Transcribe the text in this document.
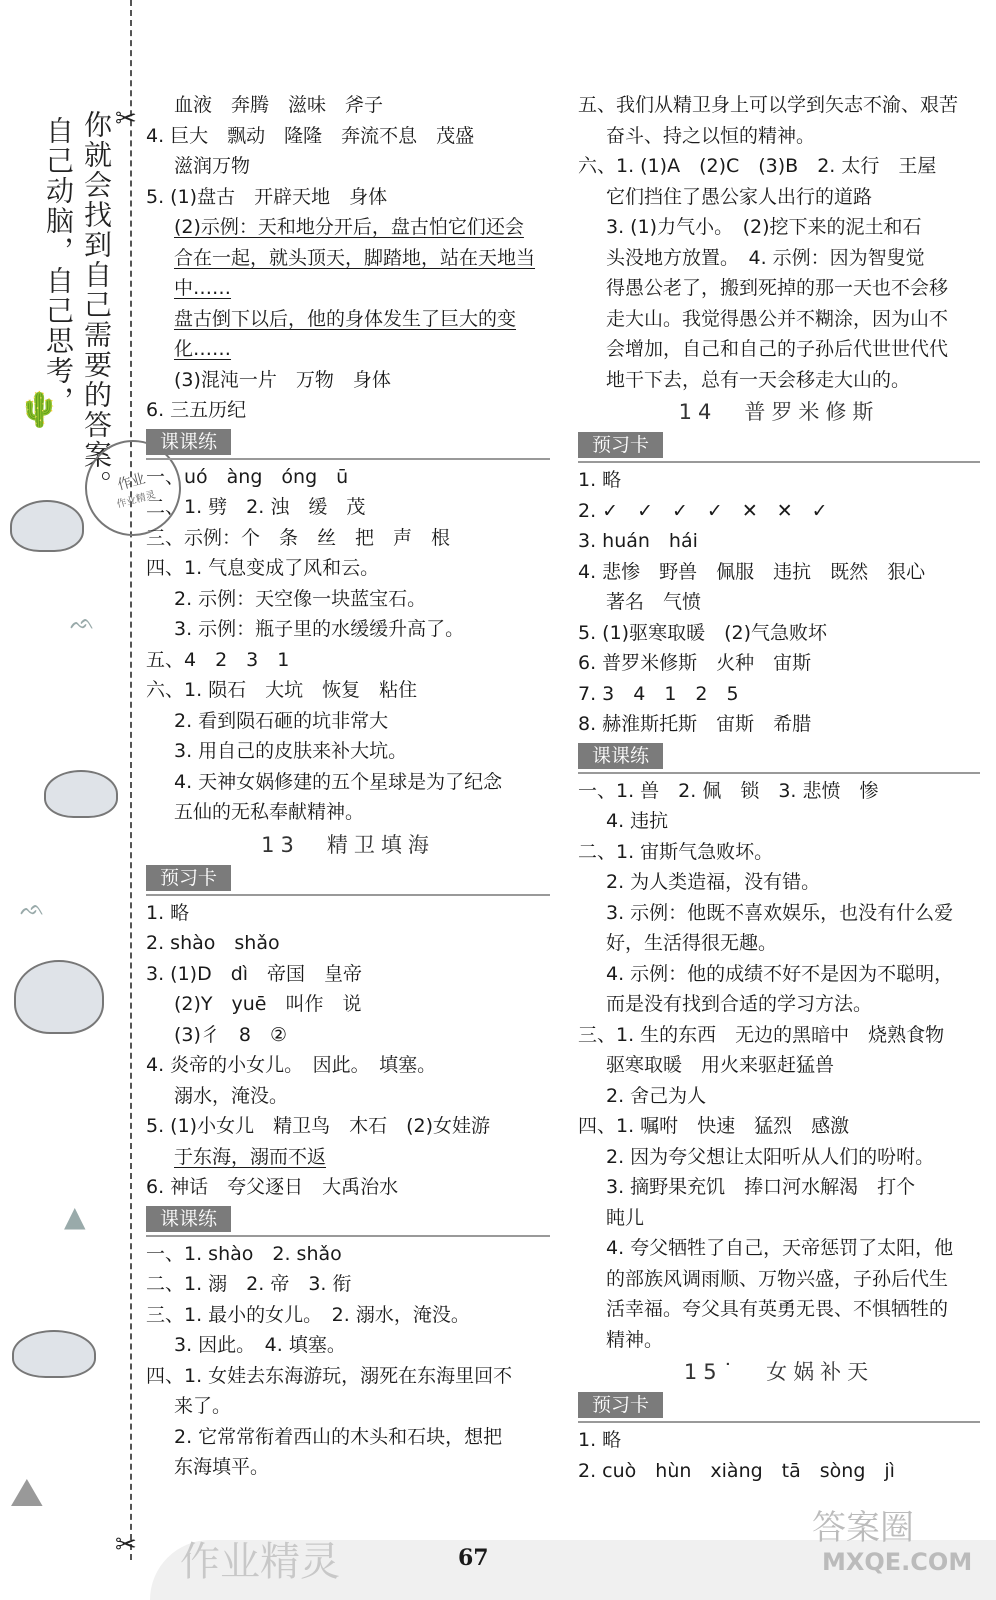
✂
✂
你就会找到自己需要的答案。
自己动脑，自己思考，
🌵
ᨒ
ᨒ
▲
⛰
作业
作业精灵
血液　奔腾　滋味　斧子
4. 巨大　飘动　隆隆　奔流不息　茂盛
滋润万物
5. (1)盘古　开辟天地　身体
(2)示例：天和地分开后，盘古怕它们还会
合在一起，就头顶天，脚踏地，站在天地当
中……
盘古倒下以后，他的身体发生了巨大的变
化……
(3)混沌一片　万物　身体
6. 三五历纪
课课练
一、uó　àng　óng　ū
二、1. 劈　2. 浊　缓　茂
三、示例：个　条　丝　把　声　根
四、1. 气息变成了风和云。
2. 示例：天空像一块蓝宝石。
3. 示例：瓶子里的水缓缓升高了。
五、4　2　3　1
六、1. 陨石　大坑　恢复　粘住
2. 看到陨石砸的坑非常大
3. 用自己的皮肤来补大坑。
4. 天神女娲修建的五个星球是为了纪念
五仙的无私奉献精神。
13　精卫填海
预习卡
1. 略
2. shào　shǎo
3. (1)D　dì　帝国　皇帝
(2)Y　yuē　叫作　说
(3)彳　8　②
4. 炎帝的小女儿。　因此。　填塞。
溺水，淹没。
5. (1)小女儿　精卫鸟　木石　(2)女娃游
于东海，溺而不返
6. 神话　夸父逐日　大禹治水
课课练
一、1. shào　2. shǎo
二、1. 溺　2. 帝　3. 衔
三、1. 最小的女儿。　2. 溺水，淹没。
3. 因此。　4. 填塞。
四、1. 女娃去东海游玩，溺死在东海里回不
来了。
2. 它常常衔着西山的木头和石块，想把
东海填平。
五、我们从精卫身上可以学到矢志不渝、艰苦
奋斗、持之以恒的精神。
六、1. (1)A　(2)C　(3)B　2. 太行　王屋
它们挡住了愚公家人出行的道路
3. (1)力气小。　(2)挖下来的泥土和石
头没地方放置。　4. 示例：因为智叟觉
得愚公老了，搬到死掉的那一天也不会移
走大山。我觉得愚公并不糊涂，因为山不
会增加，自己和自己的子孙后代世世代代
地干下去，总有一天会移走大山的。
14　普罗米修斯
预习卡
1. 略
2. ✓　✓　✓　✓　✕　✕　✓
3. huán　hái
4. 悲惨　野兽　佩服　违抗　既然　狠心
著名　气愤
5. (1)驱寒取暖　(2)气急败坏
6. 普罗米修斯　火种　宙斯
7. 3　4　1　2　5
8. 赫淮斯托斯　宙斯　希腊
课课练
一、1. 兽　2. 佩　锁　3. 悲愤　惨
4. 违抗
二、1. 宙斯气急败坏。
2. 为人类造福，没有错。
3. 示例：他既不喜欢娱乐，也没有什么爱
好，生活得很无趣。
4. 示例：他的成绩不好不是因为不聪明，
而是没有找到合适的学习方法。
三、1. 生的东西　无边的黑暗中　烧熟食物
驱寒取暖　用火来驱赶猛兽
2. 舍己为人
四、1. 嘱咐　快速　猛烈　感激
2. 因为夸父想让太阳听从人们的吩咐。
3. 摘野果充饥　捧口河水解渴　打个
盹儿
4. 夸父牺牲了自己，天帝惩罚了太阳，他
的部族风调雨顺、万物兴盛，子孙后代生
活幸福。夸父具有英勇无畏、不惧牺牲的
精神。
15˙　女娲补天
预习卡
1. 略
2. cuò　hùn　xiàng　tā　sòng　jì
67
作业精灵
答案圈
MXQE.COM
